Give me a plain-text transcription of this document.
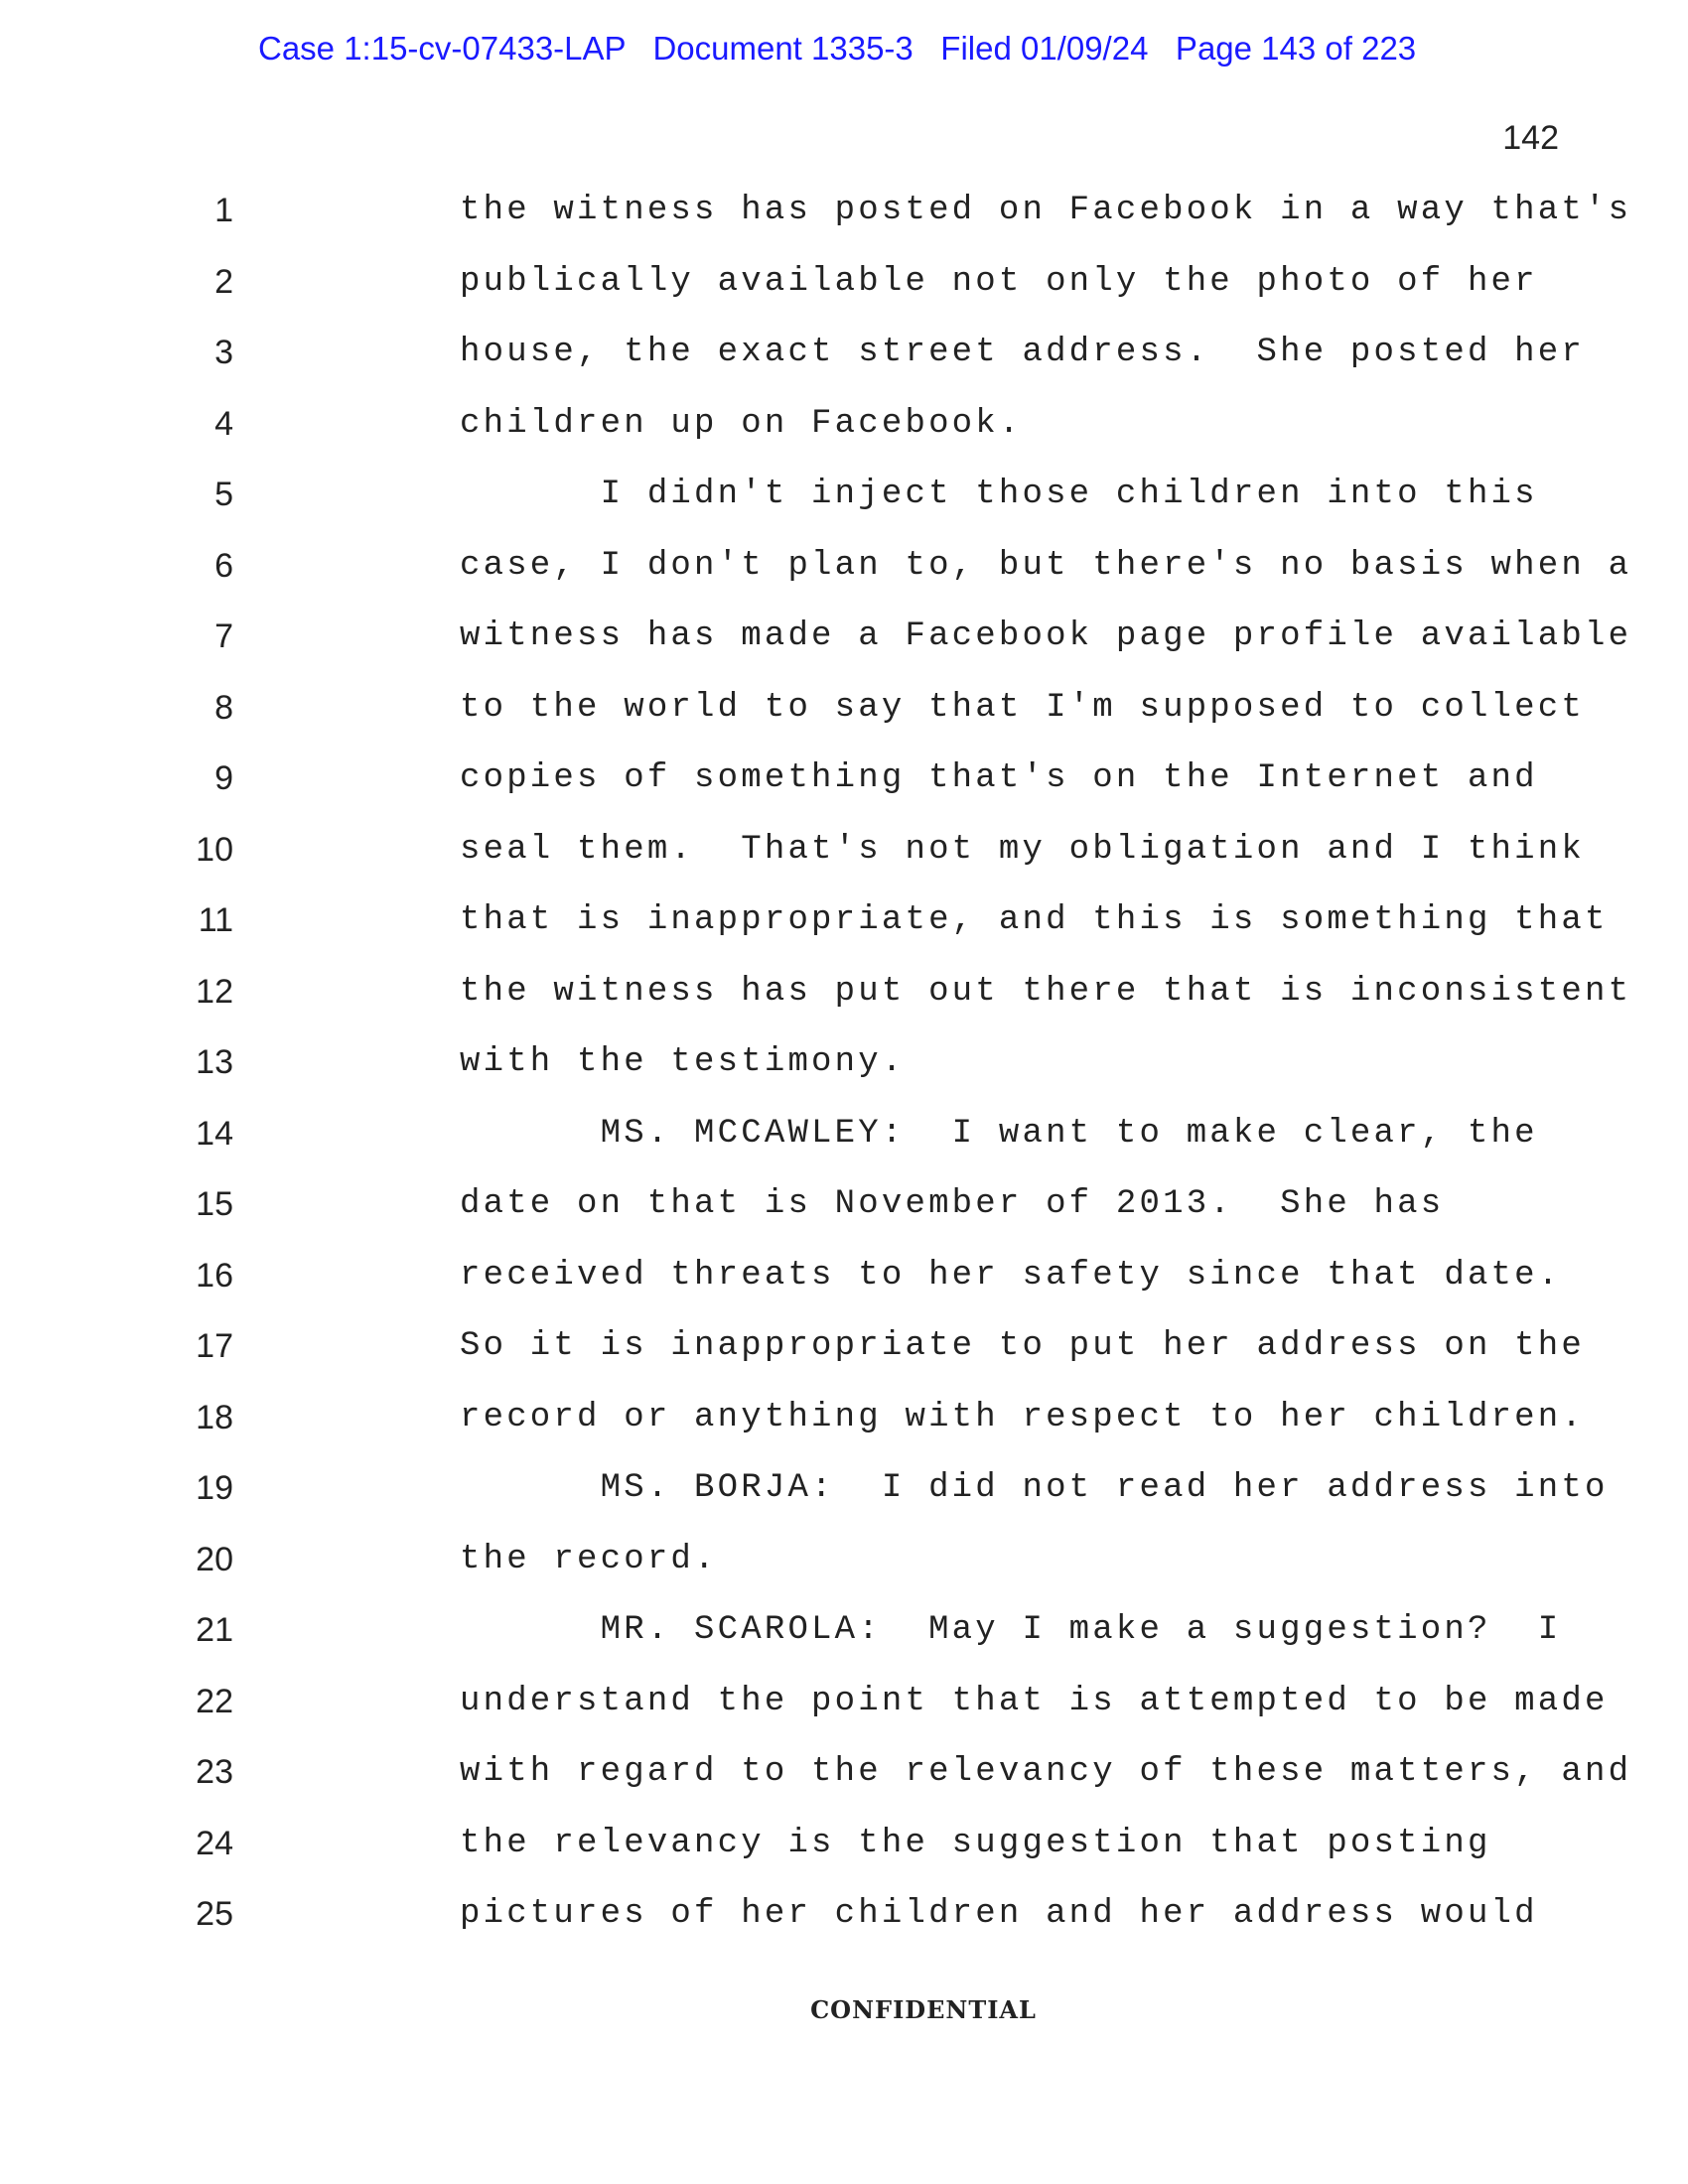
Case 1:15-cv-07433-LAP   Document 1335-3   Filed 01/09/24   Page 143 of 223
142
1	the witness has posted on Facebook in a way that's
2	publically available not only the photo of her
3	house, the exact street address.  She posted her
4	children up on Facebook.
5	I didn't inject those children into this
6	case, I don't plan to, but there's no basis when a
7	witness has made a Facebook page profile available
8	to the world to say that I'm supposed to collect
9	copies of something that's on the Internet and
10	seal them.  That's not my obligation and I think
11	that is inappropriate, and this is something that
12	the witness has put out there that is inconsistent
13	with the testimony.
14	MS. MCCAWLEY:  I want to make clear, the
15	date on that is November of 2013.  She has
16	received threats to her safety since that date.
17	So it is inappropriate to put her address on the
18	record or anything with respect to her children.
19	MS. BORJA:  I did not read her address into
20	the record.
21	MR. SCAROLA:  May I make a suggestion?  I
22	understand the point that is attempted to be made
23	with regard to the relevancy of these matters, and
24	the relevancy is the suggestion that posting
25	pictures of her children and her address would
CONFIDENTIAL
